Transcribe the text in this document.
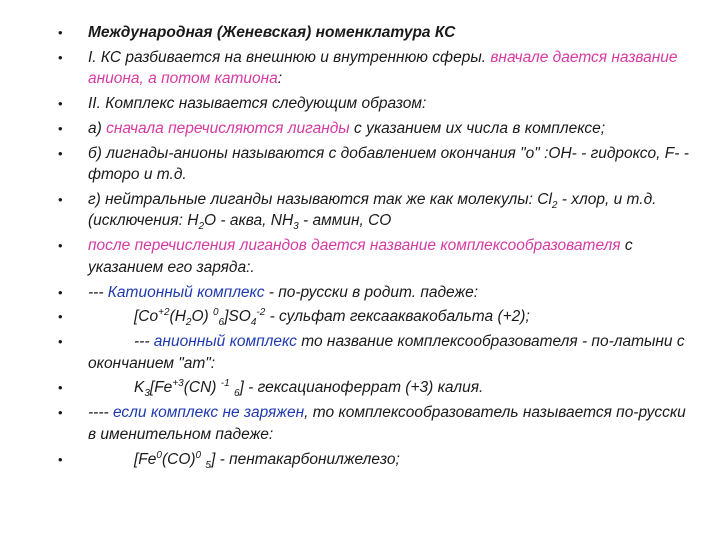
• Международная (Женевская) номенклатура КС
• I. КС разбивается на внешнюю и внутреннюю сферы. вначале дается название аниона, а потом катиона:
• II. Комплекс называется следующим образом:
• а) сначала перечисляются лиганды с указанием их числа в комплексе;
• б) лигнады-анионы называются с добавлением окончания "о" :OH- - гидроксо, F- - фторо и т.д.
• г) нейтральные лиганды называются так же как молекулы: $Cl_2$ - хлор, и т.д. (исключения: $H_2O$ - аква, $NH_3$ - аммин, CO
• после перечисления лигандов дается название комплексообразователя с указанием его заряда:.
• --- Катионный комплекс - по-русски в родит. падеже:
•	[$Co^{+2}(H_2O)$ $^0_6]SO_4^{-2}$ - сульфат гексааквакобальта (+2);
•	--- анионный комплекс то название комплексообразователя - по-латыни с окончанием "ат":
•	$K_3[Fe^{+3}(CN)$ $^{-1}$ $_6$] - гексацианоферрат (+3) калия.
• ---- если комплекс не заряжен, то комплексообразователь называется по-русски в именительном падеже:
•	[Fe$^0$(CO)$^0$ $_5$] - пентакарбонилжелезо;
